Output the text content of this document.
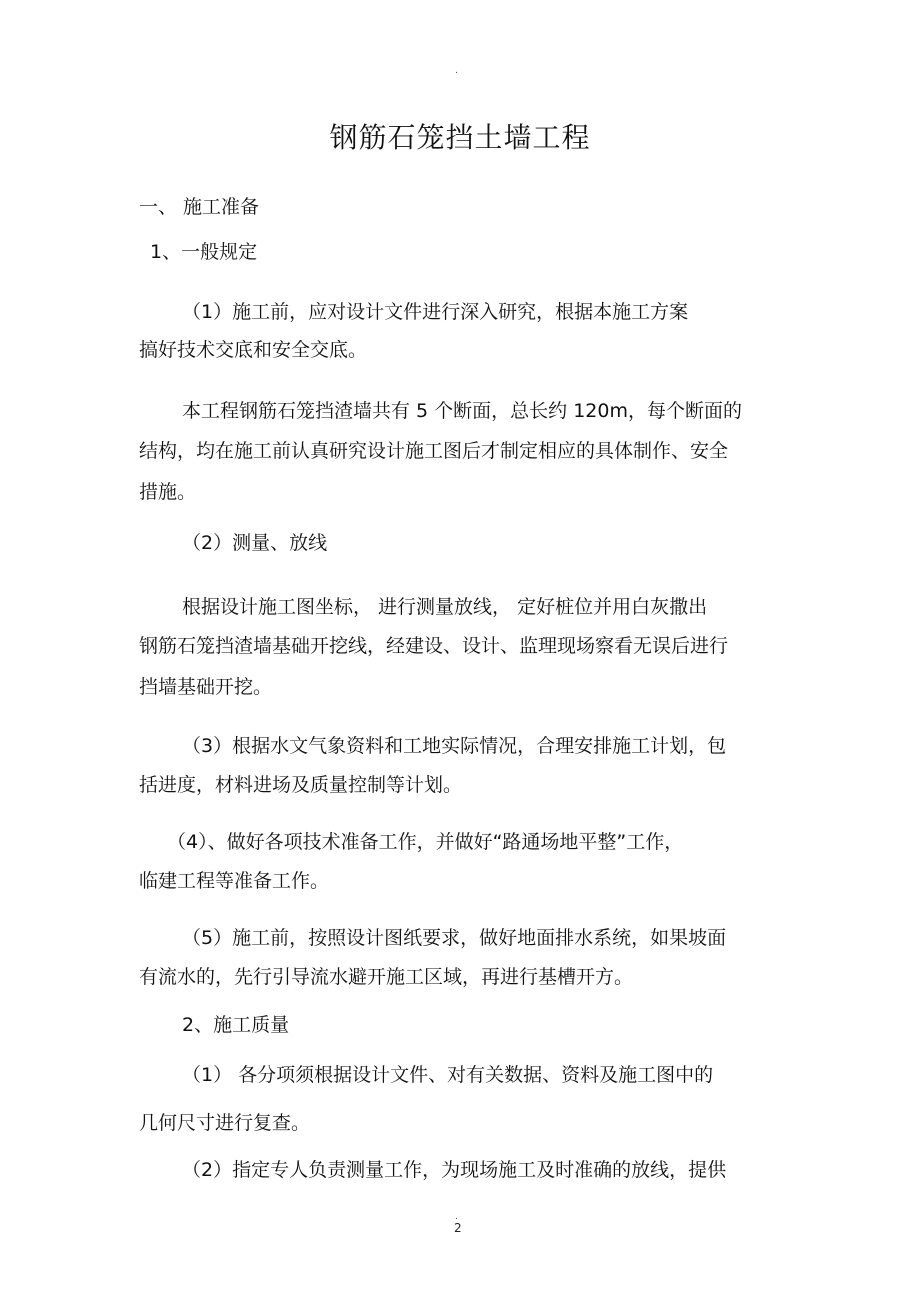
.
钢筋石笼挡土墙工程
一、 施工准备
1、一般规定
（1）施工前，应对设计文件进行深入研究，根据本施工方案
搞好技术交底和安全交底。
本工程钢筋石笼挡渣墙共有 5 个断面，总长约 120m，每个断面的
结构，均在施工前认真研究设计施工图后才制定相应的具体制作、安全
措施。
（2）测量、放线
根据设计施工图坐标， 进行测量放线， 定好桩位并用白灰撒出
钢筋石笼挡渣墙基础开挖线，经建设、设计、监理现场察看无误后进行
挡墙基础开挖。
（3）根据水文气象资料和工地实际情况，合理安排施工计划，包
括进度，材料进场及质量控制等计划。
（4）、做好各项技术准备工作，并做好“路通场地平整”工作，
临建工程等准备工作。
（5）施工前，按照设计图纸要求，做好地面排水系统，如果坡面
有流水的，先行引导流水避开施工区域，再进行基槽开方。
2、施工质量
（1） 各分项须根据设计文件、对有关数据、资料及施工图中的
几何尺寸进行复查。
（2）指定专人负责测量工作，为现场施工及时准确的放线，提供
.
2
